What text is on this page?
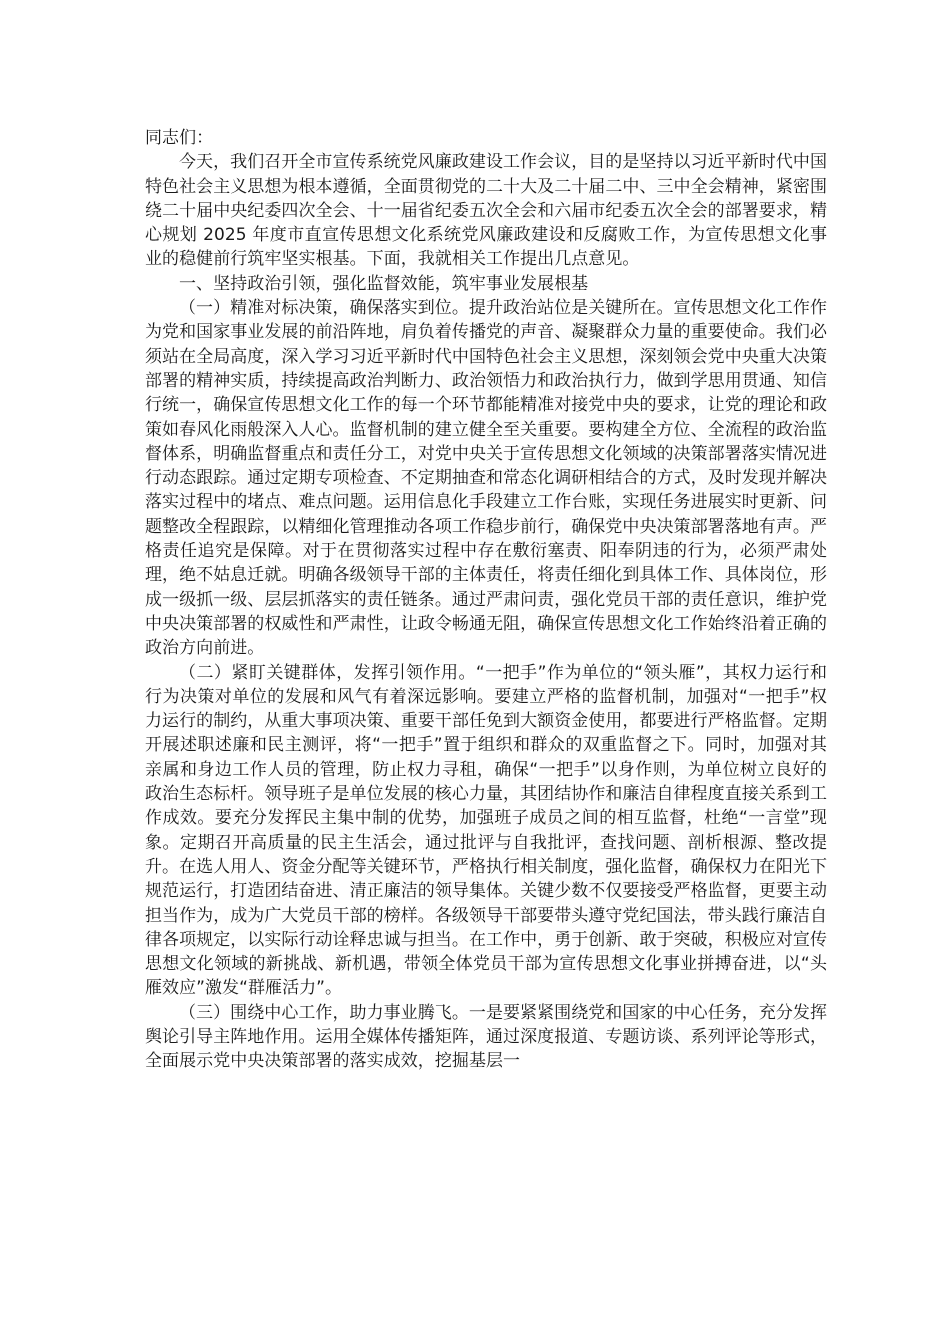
同志们：

今天，我们召开全市宣传系统党风廉政建设工作会议，目的是坚持以习近平新时代中国特色社会主义思想为根本遵循，全面贯彻党的二十大及二十届二中、三中全会精神，紧密围绕二十届中央纪委四次全会、十一届省纪委五次全会和六届市纪委五次全会的部署要求，精心规划 2025 年度市直宣传思想文化系统党风廉政建设和反腐败工作，为宣传思想文化事业的稳健前行筑牢坚实根基。下面，我就相关工作提出几点意见。

一、坚持政治引领，强化监督效能，筑牢事业发展根基

（一）精准对标决策，确保落实到位。提升政治站位是关键所在。宣传思想文化工作作为党和国家事业发展的前沿阵地，肩负着传播党的声音、凝聚群众力量的重要使命。我们必须站在全局高度，深入学习习近平新时代中国特色社会主义思想，深刻领会党中央重大决策部署的精神实质，持续提高政治判断力、政治领悟力和政治执行力，做到学思用贯通、知信行统一，确保宣传思想文化工作的每一个环节都能精准对接党中央的要求，让党的理论和政策如春风化雨般深入人心。监督机制的建立健全至关重要。要构建全方位、全流程的政治监督体系，明确监督重点和责任分工，对党中央关于宣传思想文化领域的决策部署落实情况进行动态跟踪。通过定期专项检查、不定期抽查和常态化调研相结合的方式，及时发现并解决落实过程中的堵点、难点问题。运用信息化手段建立工作台账，实现任务进展实时更新、问题整改全程跟踪，以精细化管理推动各项工作稳步前行，确保党中央决策部署落地有声。严格责任追究是保障。对于在贯彻落实过程中存在敷衍塞责、阳奉阴违的行为，必须严肃处理，绝不姑息迁就。明确各级领导干部的主体责任，将责任细化到具体工作、具体岗位，形成一级抓一级、层层抓落实的责任链条。通过严肃问责，强化党员干部的责任意识，维护党中央决策部署的权威性和严肃性，让政令畅通无阻，确保宣传思想文化工作始终沿着正确的政治方向前进。

（二）紧盯关键群体，发挥引领作用。“一把手”作为单位的“领头雁”，其权力运行和行为决策对单位的发展和风气有着深远影响。要建立严格的监督机制，加强对“一把手”权力运行的制约，从重大事项决策、重要干部任免到大额资金使用，都要进行严格监督。定期开展述职述廉和民主测评，将“一把手”置于组织和群众的双重监督之下。同时，加强对其亲属和身边工作人员的管理，防止权力寻租，确保“一把手”以身作则，为单位树立良好的政治生态标杆。领导班子是单位发展的核心力量，其团结协作和廉洁自律程度直接关系到工作成效。要充分发挥民主集中制的优势，加强班子成员之间的相互监督，杜绝“一言堂”现象。定期召开高质量的民主生活会，通过批评与自我批评，查找问题、剖析根源、整改提升。在选人用人、资金分配等关键环节，严格执行相关制度，强化监督，确保权力在阳光下规范运行，打造团结奋进、清正廉洁的领导集体。关键少数不仅要接受严格监督，更要主动担当作为，成为广大党员干部的榜样。各级领导干部要带头遵守党纪国法，带头践行廉洁自律各项规定，以实际行动诠释忠诚与担当。在工作中，勇于创新、敢于突破，积极应对宣传思想文化领域的新挑战、新机遇，带领全体党员干部为宣传思想文化事业拼搏奋进，以“头雁效应”激发“群雁活力”。

（三）围绕中心工作，助力事业腾飞。一是要紧紧围绕党和国家的中心任务，充分发挥舆论引导主阵地作用。运用全媒体传播矩阵，通过深度报道、专题访谈、系列评论等形式，全面展示党中央决策部署的落实成效，挖掘基层一
